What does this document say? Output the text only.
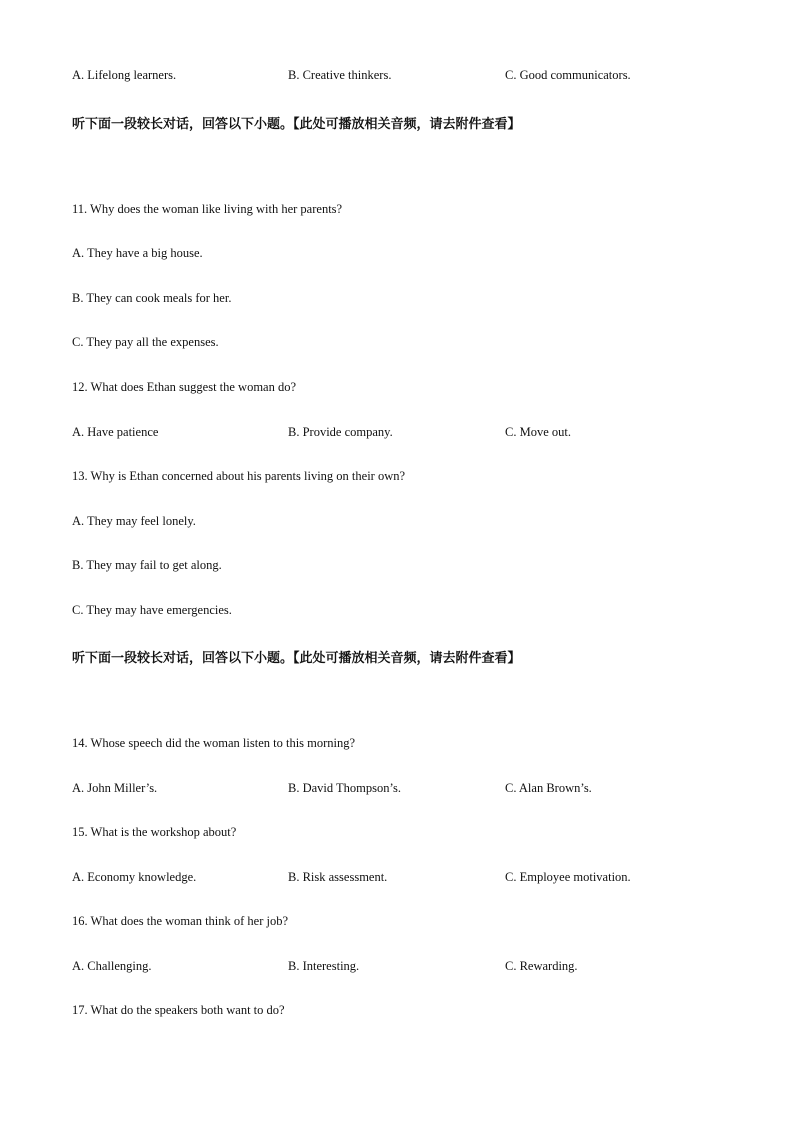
A. Lifelong learners.	B. Creative thinkers.	C. Good communicators.
听下面一段较长对话，回答以下小题。【此处可播放相关音频，请去附件查看】
11. Why does the woman like living with her parents?
A. They have a big house.
B. They can cook meals for her.
C. They pay all the expenses.
12. What does Ethan suggest the woman do?
A. Have patience	B. Provide company.	C. Move out.
13. Why is Ethan concerned about his parents living on their own?
A. They may feel lonely.
B. They may fail to get along.
C. They may have emergencies.
听下面一段较长对话，回答以下小题。【此处可播放相关音频，请去附件查看】
14. Whose speech did the woman listen to this morning?
A. John Miller’s.	B. David Thompson’s.	C. Alan Brown’s.
15. What is the workshop about?
A. Economy knowledge.	B. Risk assessment.	C. Employee motivation.
16. What does the woman think of her job?
A. Challenging.	B. Interesting.	C. Rewarding.
17. What do the speakers both want to do?
